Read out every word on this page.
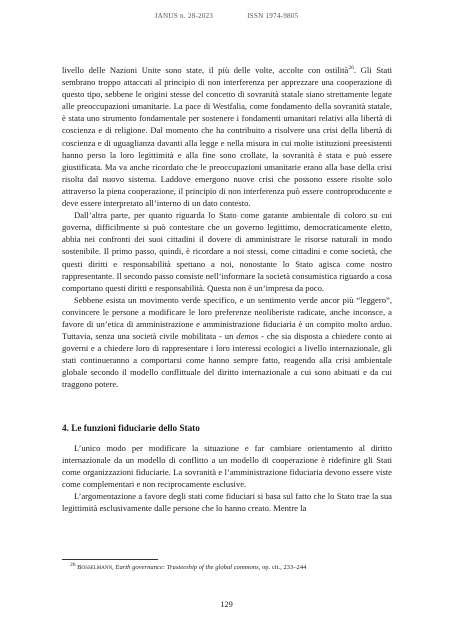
JANUS n. 28-2023	ISSN 1974-9805

livello delle Nazioni Unite sono state, il più delle volte, accolte con ostilità$^{26}$. Gli Stati sembrano troppo attaccati al principio di non interferenza per apprezzare una cooperazione di questo tipo, sebbene le origini stesse del concetto di sovranità statale siano strettamente legate alle preoccupazioni umanitarie. La pace di Westfalia, come fondamento della sovranità statale, è stata uno strumento fondamentale per sostenere i fondamenti umanitari relativi alla libertà di coscienza e di religione. Dal momento che ha contribuito a risolvere una crisi della libertà di coscienza e di uguaglianza davanti alla legge e nella misura in cui molte istituzioni preesistenti hanno perso la loro legittimità e alla fine sono crollate, la sovranità è stata e può essere giustificata. Ma va anche ricordato che le preoccupazioni umanitarie erano alla base della crisi risolta dal nuovo sistema. Laddove emergono nuove crisi che possono essere risolte solo attraverso la piena cooperazione, il principio di non interferenza può essere controproducente e deve essere interpretato all’interno di un dato contesto.

Dall’altra parte, per quanto riguarda lo Stato come garante ambientale di coloro su cui governa, difficilmente si può contestare che un governo legittimo, democraticamente eletto, abbia nei confronti dei suoi cittadini il dovere di amministrare le risorse naturali in modo sostenibile. Il primo passo, quindi, è ricordare a noi stessi, come cittadini e come società, che questi diritti e responsabilità spettano a noi, nonostante lo Stato agisca come nostro rappresentante. Il secondo passo consiste nell’informare la società consumistica riguardo a cosa comportano questi diritti e responsabilità. Questa non è un’impresa da poco.

Sebbene esista un movimento verde specifico, e un sentimento verde ancor più “leggero”, convincere le persone a modificare le loro preferenze neoliberiste radicate, anche inconsce, a favore di un’etica di amministrazione e amministrazione fiduciaria è un compito molto arduo. Tuttavia, senza una società civile mobilitata - un demos - che sia disposta a chiedere conto ai governi e a chiedere loro di rappresentare i loro interessi ecologici a livello internazionale, gli stati continueranno a comportarsi come hanno sempre fatto, reagendo alla crisi ambientale globale secondo il modello conflittuale del diritto internazionale a cui sono abituati e da cui traggono potere.

4. Le funzioni fiduciarie dello Stato

L’unico modo per modificare la situazione e far cambiare orientamento al diritto internazionale da un modello di conflitto a un modello di cooperazione è ridefinire gli Stati come organizzazioni fiduciarie. La sovranità e l’amministrazione fiduciaria devono essere viste come complementari e non reciprocamente esclusive.

L’argomentazione a favore degli stati come fiduciari si basa sul fatto che lo Stato trae la sua legittimità esclusivamente dalle persone che lo hanno creato. Mentre la

$^{26}$ Bosselmann, Earth governance: Trusteeship of the global commons, op. cit., 233–244
129
